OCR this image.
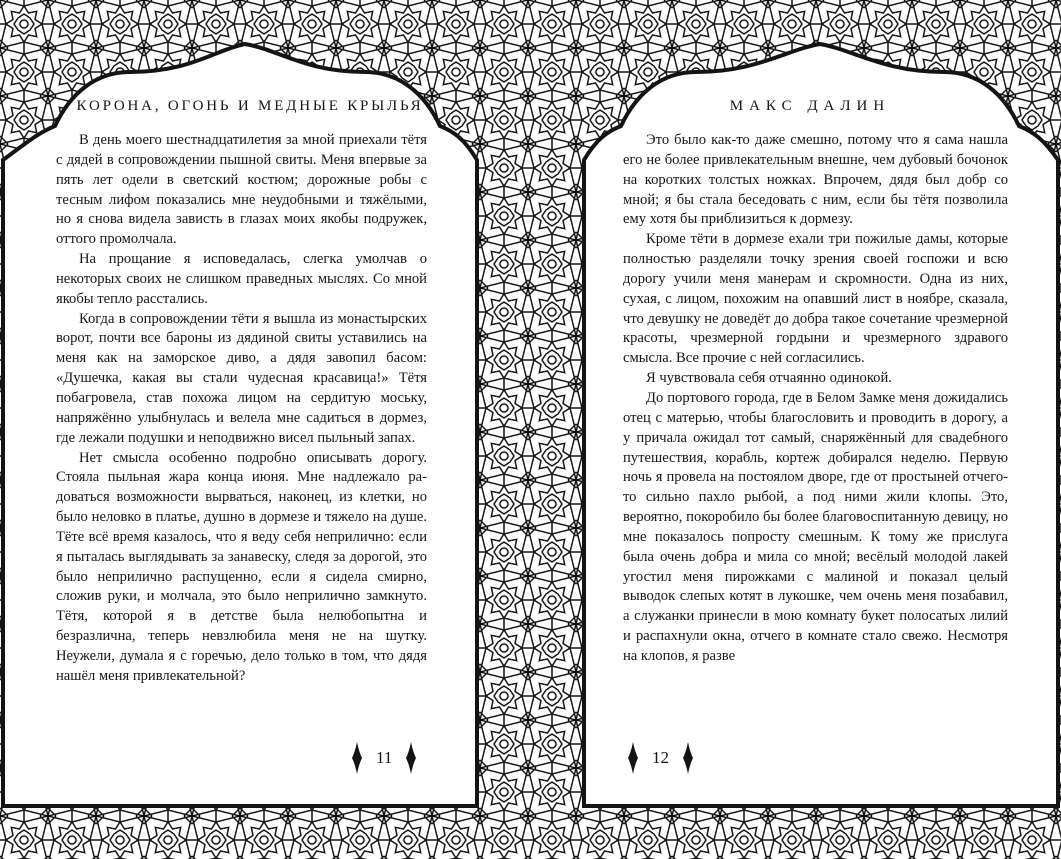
КОРОНА, ОГОНЬ И МЕДНЫЕ КРЫЛЬЯ	МАКС ДАЛИН

В день моего шестнадцатилетия за мной приехали тётя с дядей в сопровождении пышной свиты. Меня впервые за пять лет одели в светский костюм; дорожные робы с тесным лифом показались мне неудобными и тяжёлыми, но я снова видела зависть в глазах моих якобы подружек, оттого промолчала.

На прощание я исповедалась, слегка умолчав о некоторых своих не слишком праведных мыслях. Со мной якобы тепло расстались.

Когда в сопровождении тёти я вышла из монастырских ворот, почти все бароны из дядиной свиты уставились на меня как на заморское диво, а дядя завопил басом: «Душечка, какая вы стали чудесная красавица!» Тётя побагровела, став похожа лицом на сердитую моську, напряжённо улыбнулась и велела мне садиться в дормез, где лежали подушки и неподвижно висел пыльный запах.

Нет смысла особенно подробно описывать дорогу. Стояла пыльная жара конца июня. Мне надлежало радоваться возможности вырваться, наконец, из клетки, но было неловко в платье, душно в дормезе и тяжело на душе. Тёте всё время казалось, что я веду себя неприлично: если я пыталась выглядывать за занавеску, следя за дорогой, это было неприлично распущенно, если я сидела смирно, сложив руки, и молчала, это было неприлично замкнуто. Тётя, которой я в детстве была нелюбопытна и безразлична, теперь невзлюбила меня не на шутку. Неужели, думала я с горечью, дело только в том, что дядя нашёл меня привлекательной?

Это было как-то даже смешно, потому что я сама нашла его не более привлекательным внешне, чем дубовый бочонок на коротких толстых ножках. Впрочем, дядя был добр со мной; я бы стала беседовать с ним, если бы тётя позволила ему хотя бы приблизиться к дормезу.

Кроме тёти в дормезе ехали три пожилые дамы, которые полностью разделяли точку зрения своей госпожи и всю дорогу учили меня манерам и скромности. Одна из них, сухая, с лицом, похожим на опавший лист в ноябре, сказала, что девушку не доведёт до добра такое сочетание чрезмерной красоты, чрезмерной гордыни и чрезмерного здравого смысла. Все прочие с ней согласились.

Я чувствовала себя отчаянно одинокой.

До портового города, где в Белом Замке меня дожидались отец с матерью, чтобы благословить и проводить в дорогу, а у причала ожидал тот самый, снаряжённый для свадебного путешествия, корабль, кортеж добирался неделю. Первую ночь я провела на постоялом дворе, где от простыней отчего-то сильно пахло рыбой, а под ними жили клопы. Это, вероятно, покоробило бы более благовоспитанную девицу, но мне показалось попросту смешным. К тому же прислуга была очень добра и мила со мной; весёлый молодой лакей угостил меня пирожками с малиной и показал целый выводок слепых котят в лукошке, чем очень меня позабавил, а служанки принесли в мою комнату букет полосатых лилий и распахнули окна, отчего в комнате стало свежо. Несмотря на клопов, я разве

11	12
